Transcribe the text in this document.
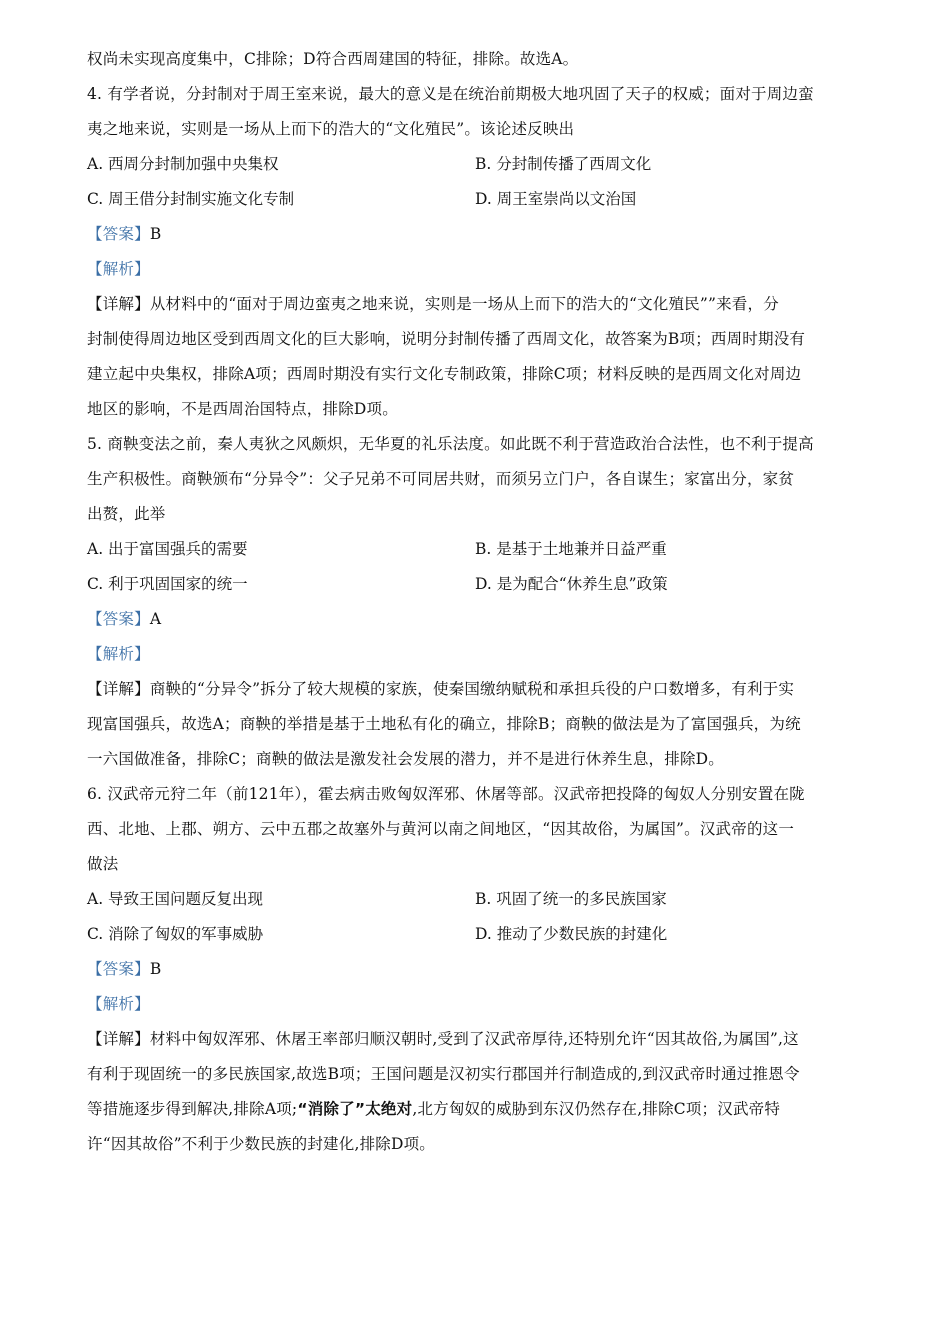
权尚未实现高度集中，C排除；D符合西周建国的特征，排除。故选A。
4. 有学者说，分封制对于周王室来说，最大的意义是在统治前期极大地巩固了天子的权威；面对于周边蛮
夷之地来说，实则是一场从上而下的浩大的“文化殖民”。该论述反映出
A. 西周分封制加强中央集权	B. 分封制传播了西周文化
C. 周王借分封制实施文化专制	D. 周王室崇尚以文治国
【答案】B
【解析】
【详解】从材料中的“面对于周边蛮夷之地来说，实则是一场从上而下的浩大的“文化殖民””来看，分
封制使得周边地区受到西周文化的巨大影响，说明分封制传播了西周文化，故答案为B项；西周时期没有
建立起中央集权，排除A项；西周时期没有实行文化专制政策，排除C项；材料反映的是西周文化对周边
地区的影响，不是西周治国特点，排除D项。
5. 商鞅变法之前，秦人夷狄之风颇炽，无华夏的礼乐法度。如此既不利于营造政治合法性，也不利于提高
生产积极性。商鞅颁布“分异令”：父子兄弟不可同居共财，而须另立门户，各自谋生；家富出分，家贫
出赘，此举
A. 出于富国强兵的需要	B. 是基于土地兼并日益严重
C. 利于巩固国家的统一	D. 是为配合“休养生息”政策
【答案】A
【解析】
【详解】商鞅的“分异令”拆分了较大规模的家族，使秦国缴纳赋税和承担兵役的户口数增多，有利于实
现富国强兵，故选A；商鞅的举措是基于土地私有化的确立，排除B；商鞅的做法是为了富国强兵，为统
一六国做准备，排除C；商鞅的做法是激发社会发展的潜力，并不是进行休养生息，排除D。
6. 汉武帝元狩二年（前121年），霍去病击败匈奴浑邪、休屠等部。汉武帝把投降的匈奴人分别安置在陇
西、北地、上郡、朔方、云中五郡之故塞外与黄河以南之间地区，“因其故俗，为属国”。汉武帝的这一
做法
A. 导致王国问题反复出现	B. 巩固了统一的多民族国家
C. 消除了匈奴的军事威胁	D. 推动了少数民族的封建化
【答案】B
【解析】
【详解】材料中匈奴浑邪、休屠王率部归顺汉朝时,受到了汉武帝厚待,还特别允许“因其故俗,为属国”,这
有利于现固统一的多民族国家,故选B项；王国问题是汉初实行郡国并行制造成的,到汉武帝时通过推恩令
等措施逐步得到解决,排除A项;“消除了”太绝对,北方匈奴的威胁到东汉仍然存在,排除C项；汉武帝特
许“因其故俗”不利于少数民族的封建化,排除D项。
